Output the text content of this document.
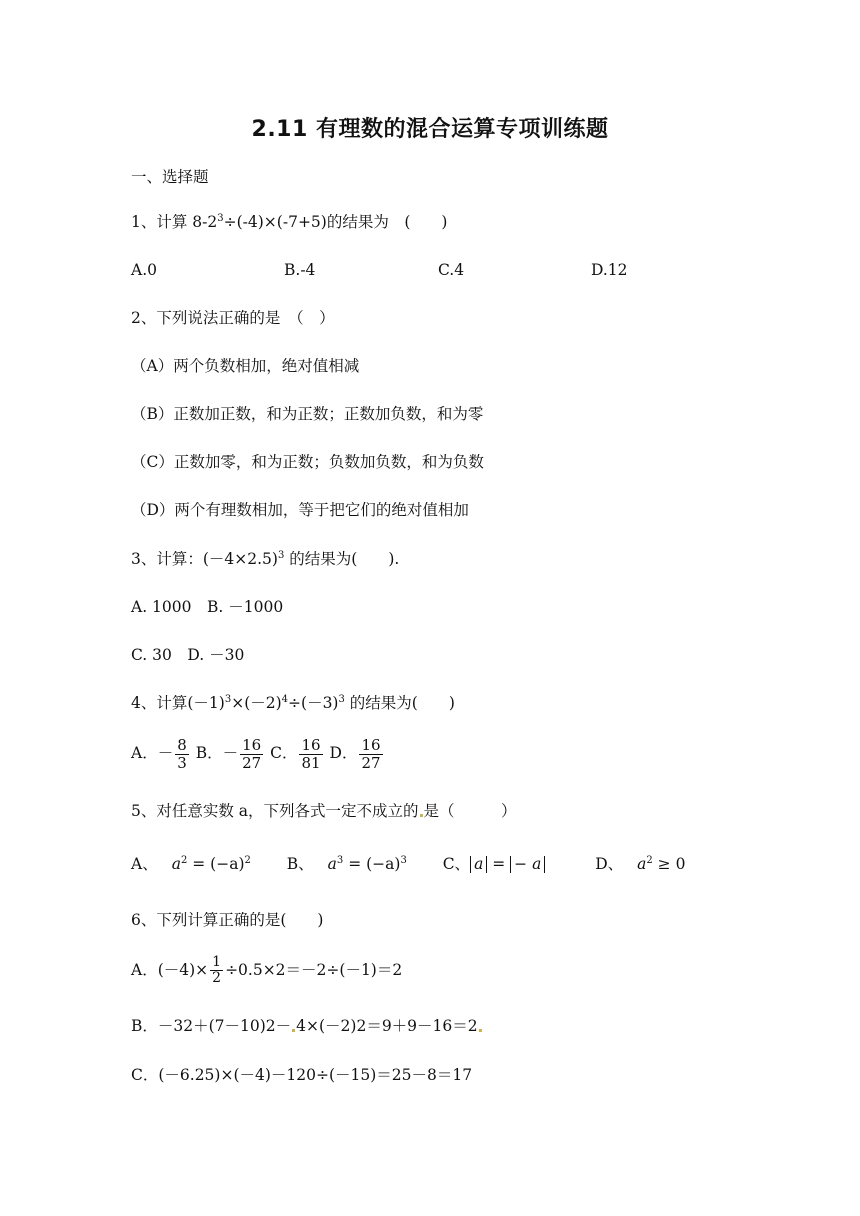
2.11 有理数的混合运算专项训练题
一、选择题
1、计算 $8-2^3\div(-4)\times(-7+5)$的结果为　(　　)
A.0	B.-4	C.4	D.12
2、下列说法正确的是　（　）
（A）两个负数相加，绝对值相减
（B）正数加正数，和为正数；正数加负数，和为零
（C）正数加零，和为正数；负数加负数，和为负数
（D）两个有理数相加，等于把它们的绝对值相加
3、计算：$(-4\times 2.5)^3$ 的结果为(　　).
A. 1000　B. －1000
C. 30　D. －30
4、计算$(-1)^3\times(-2)^4\div(-3)^3$ 的结果为(　　)
A．－ $\frac{8}{3}$ B．－ $\frac{16}{27}$ C． $\frac{16}{81}$ D． $\frac{16}{27}$
5、对任意实数 a，下列各式一定不成立的 是（　　　）
A、 $a^2 = (-a)^2$ B、 $a^3 = (-a)^3$ C、 a = − a	D、 $a^2 \ge 0$
6、下列计算正确的是(　　)
A．$(-4)\times \frac{1}{2} \div 0.5\times 2=-2\div(-1)=2$
B．－32＋(7－10)2－ 4×(－2)2＝9＋9－16＝2
C．(－6.25)×(－4)－120÷(－15)＝25－8＝17
